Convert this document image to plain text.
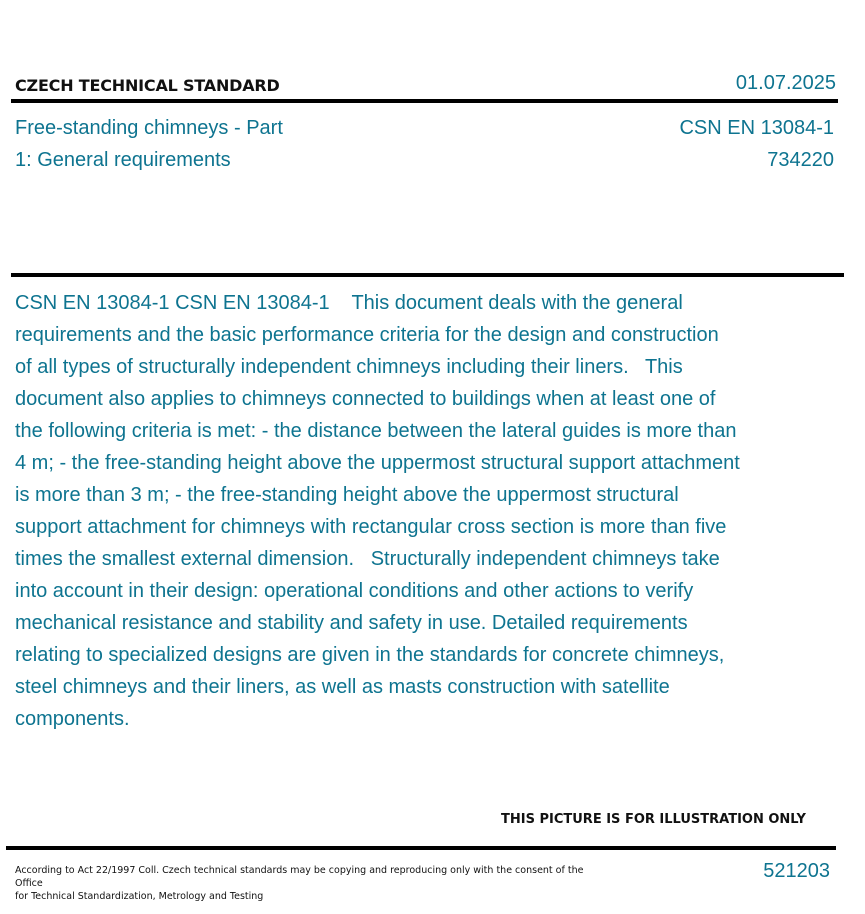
CZECH TECHNICAL STANDARD	01.07.2025
Free-standing chimneys - Part
1: General requirements
CSN EN 13084-1
734220
CSN EN 13084-1 CSN EN 13084-1    This document deals with the general requirements and the basic performance criteria for the design and construction of all types of structurally independent chimneys including their liners.   This document also applies to chimneys connected to buildings when at least one of the following criteria is met: - the distance between the lateral guides is more than 4 m; - the free-standing height above the uppermost structural support attachment is more than 3 m; - the free-standing height above the uppermost structural support attachment for chimneys with rectangular cross section is more than five times the smallest external dimension.   Structurally independent chimneys take into account in their design: operational conditions and other actions to verify mechanical resistance and stability and safety in use. Detailed requirements relating to specialized designs are given in the standards for concrete chimneys, steel chimneys and their liners, as well as masts construction with satellite components.
THIS PICTURE IS FOR ILLUSTRATION ONLY
According to Act 22/1997 Coll. Czech technical standards may be copying and reproducing only with the consent of the Office
for Technical Standardization, Metrology and Testing
521203
